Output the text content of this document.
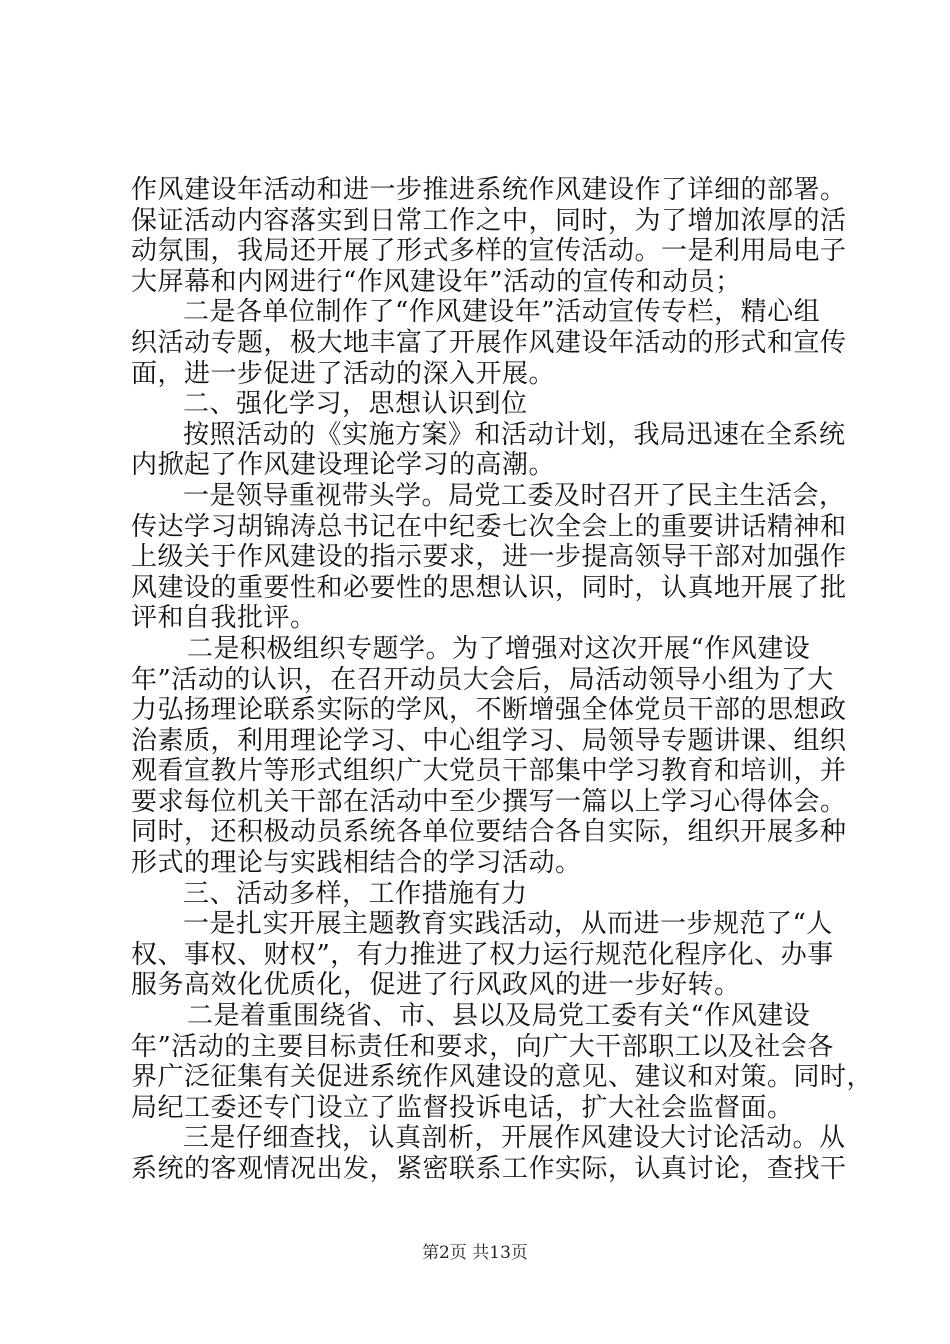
作风建设年活动和进一步推进系统作风建设作了详细的部署。
保证活动内容落实到日常工作之中，同时，为了增加浓厚的活
动氛围，我局还开展了形式多样的宣传活动。一是利用局电子
大屏幕和内网进行“作风建设年”活动的宣传和动员；
二是各单位制作了“作风建设年”活动宣传专栏，精心组
织活动专题，极大地丰富了开展作风建设年活动的形式和宣传
面，进一步促进了活动的深入开展。
二、强化学习，思想认识到位
按照活动的《实施方案》和活动计划，我局迅速在全系统
内掀起了作风建设理论学习的高潮。
一是领导重视带头学。局党工委及时召开了民主生活会，
传达学习胡锦涛总书记在中纪委七次全会上的重要讲话精神和
上级关于作风建设的指示要求，进一步提高领导干部对加强作
风建设的重要性和必要性的思想认识，同时，认真地开展了批
评和自我批评。
二是积极组织专题学。为了增强对这次开展“作风建设
年”活动的认识，在召开动员大会后，局活动领导小组为了大
力弘扬理论联系实际的学风，不断增强全体党员干部的思想政
治素质，利用理论学习、中心组学习、局领导专题讲课、组织
观看宣教片等形式组织广大党员干部集中学习教育和培训，并
要求每位机关干部在活动中至少撰写一篇以上学习心得体会。
同时，还积极动员系统各单位要结合各自实际，组织开展多种
形式的理论与实践相结合的学习活动。
三、活动多样，工作措施有力
一是扎实开展主题教育实践活动，从而进一步规范了“人
权、事权、财权”，有力推进了权力运行规范化程序化、办事
服务高效化优质化，促进了行风政风的进一步好转。
二是着重围绕省、市、县以及局党工委有关“作风建设
年”活动的主要目标责任和要求，向广大干部职工以及社会各
界广泛征集有关促进系统作风建设的意见、建议和对策。同时，
局纪工委还专门设立了监督投诉电话，扩大社会监督面。
三是仔细查找，认真剖析，开展作风建设大讨论活动。从
系统的客观情况出发，紧密联系工作实际，认真讨论，查找干
第2页 共13页
